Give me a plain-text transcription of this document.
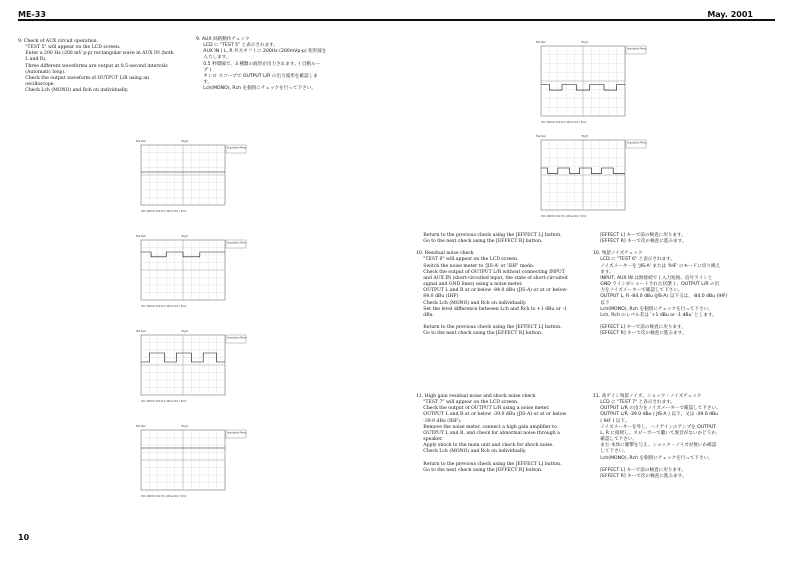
ME-33	May. 2001
9. Check of AUX circuit operation.
"TEST 5" will appear on the LCD screen.
Enter a 200 Hz (200 mV p-p) rectangular wave in AUX IN (both
L and R).
Three different waveforms are output at 0.5-second intervals
(Automatic loop).
Check the output waveform of OUTPUT L/R using an
oscilloscope.
Check Lch (MONO) and Rch on individually.
9. AUX 回路動作チェック
LCD に "TEST 5" と表示されます。
AUX IN ( L, R 共方オフ ) に 200Hz (200mVp-p) 矩形波を
入力します。
0.5 秒間隔で、3 種類の波形が出力されます。( 自動ルー
プ )
オシロ スコープで OUTPUT L/R の出力波形を確認しま
す。
Lch(MONO), Rch を個別にチェックを行って下さい。
Return to the previous check using the [EFFECT L] button.
Go to the next check using the [EFFECT R] button.
10. Residual noise check
"TEST 6" will appear on the LCD screen.
Switch the noise meter to 'JIS-A' or 'IHF' mode.
Check the output of OUTPUT L/R without connecting INPUT
and AUX IN (short-circuited input, the state of short-circuited
signal and GND lines) using a noise meter.
OUTPUT L and R at or below -84.0 dBu (JIS-A) or at or below-
84.0 dBu (IHF)
Check Lch (MONO) and Rch on individually.
Set the level difference between Lch and Rch to +1 dBu or -1
dBu.
Return to the previous check using the [EFFECT L] button.
Go to the next check using the [EFFECT R] button.
[EFFECT L] キーで前の検査に戻ります。
[EFFECT R] キーで次の検査に進みます。
10. 残留ノイズチェック
LCD に "TEST 6" と表示されます。
ノイズメーターを 'JIS-A' または 'IHF' のモードに切り換え
ます。
INPUT, AUX IN は無接続で ( 入力短絡、信号ラインと
GND ラインがショートされた状態 ) 、OUTPUT L/R の出
力をノイズメーターで確認して下さい。
OUTPUT L, R -84.0 dBu (JIS-A) 以下又は、-84.0 dBu (IHF)
以下
Lch(MONO), Rch を個別にチェックを行って下さい。
Lch, Rch のレベル差は '+1 dBu or -1 dBu' とします。
[EFFECT L] キーで前の検査に戻ります。
[EFFECT R] キーで次の検査に進みます。
11. High gain residual noise and shock noise check
"TEST 7" will appear on the LCD screen.
Check the output of OUTPUT L/R using a noise meter.
OUTPUT L and R at or below -39.0 dBu (JIS-A) or at or below
-39.0 dBu (IHF).
Remove the noise meter, connect a high gain amplifier to
OUTPUT L and R, and check for abnormal noise through a
speaker.
Apply shock to the main unit and check for shock noise.
Check Lch (MONO) and Rch on individually.
Return to the previous check using the [EFFECT L] button.
Go to the next check using the [EFFECT R] button.
11. 高ゲイン残留ノイズ、ショック・ノイズチェック
LCD に "TEST 7" と表示されます。
OUTPUT L/R の出力をノイズメーターで確認して下さい。
OUTPUT L/R -39.0 dBu ( JIS-A ) 以下、又は -39.0 dBu
( IHF ) 以下。
ノイズメーターを外し、ハイゲインのアンプを OUTPUT
L, R に接続し、スピーカーで聴いて異音がないかどうか、
確認して下さい。
また 本体に衝撃を与え、ショック・ノイズが無いか確認
して下さい。
Lch(MONO), Rch を個別にチェックを行って下さい。
[EFFECT L] キーで前の検査に戻ります。
[EFFECT R] キーで次の検査に進みます。
Tek Run	Trig'd
Acquisition Menu
Ch1 200mV Ch2 M 1.00ms Ch1 / 0mV
Tek Run	Trig'd
Acquisition Menu
Ch1 200mV Ch2 M 1.00ms Ch1 / 0mV
Tek Run	Trig'd
Acquisition Menu
Ch1 200mV Ch2 M 1.00ms Ch1 / 0mV
Tek Run	Trig'd
Acquisition Menu
Ch1 200mV Ch2 M 1.00ms Ch1 / 0mV
Tek Run	Trig'd
Acquisition Menu
Ch1 200mV Ch2 M 1.00ms Ch1 / 0mV
Tek Run	Trig'd
Acquisition Menu
Ch1 200mV Ch2 M 1.00ms Ch1 / 0mV
10
